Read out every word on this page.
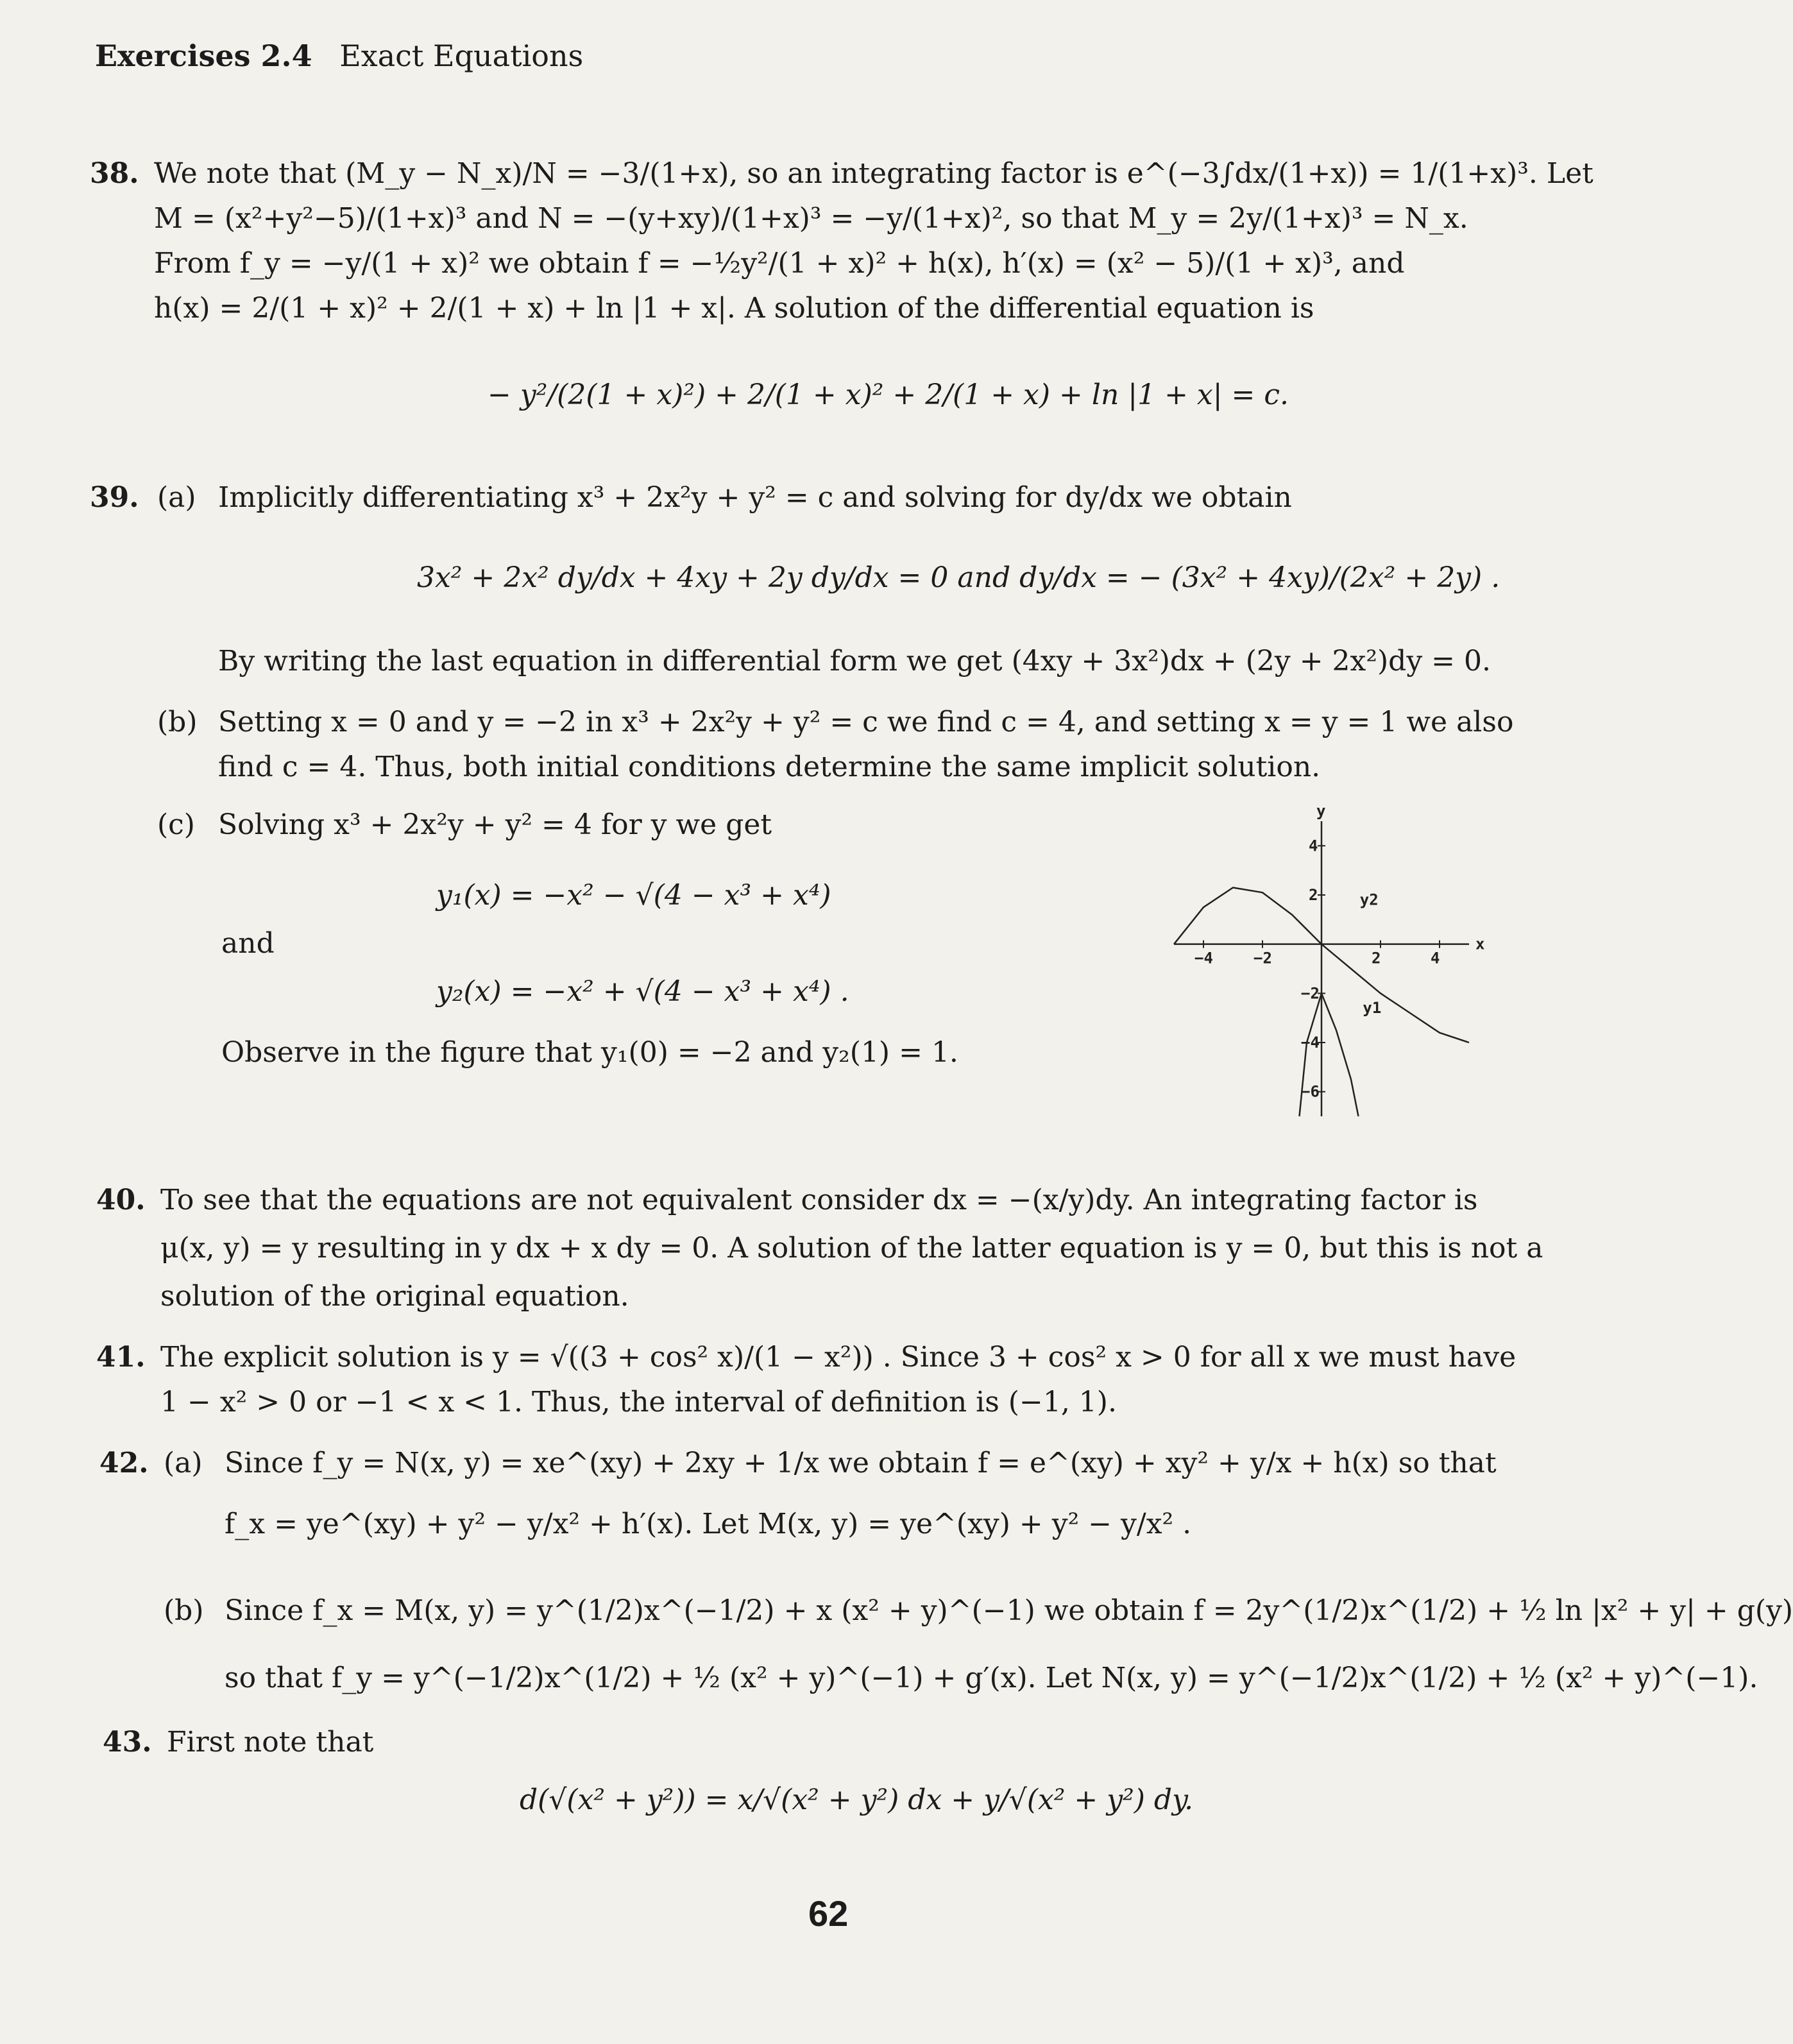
Exercises 2.4 Exact Equations
38. We note that (M_y − N_x)/N = −3/(1+x), so an integrating factor is e^(−3∫dx/(1+x)) = 1/(1+x)³. Let
M = (x²+y²−5)/(1+x)³ and N = −(y+xy)/(1+x)³ = −y/(1+x)², so that M_y = 2y/(1+x)³ = N_x.
From f_y = −y/(1 + x)² we obtain f = −½y²/(1 + x)² + h(x), h′(x) = (x² − 5)/(1 + x)³, and
h(x) = 2/(1 + x)² + 2/(1 + x) + ln |1 + x|. A solution of the differential equation is
− y²/(2(1 + x)²) + 2/(1 + x)² + 2/(1 + x) + ln |1 + x| = c.
39. (a) Implicitly differentiating x³ + 2x²y + y² = c and solving for dy/dx we obtain
3x² + 2x² dy/dx + 4xy + 2y dy/dx = 0 and dy/dx = − (3x² + 4xy)/(2x² + 2y) .
By writing the last equation in differential form we get (4xy + 3x²)dx + (2y + 2x²)dy = 0.
(b) Setting x = 0 and y = −2 in x³ + 2x²y + y² = c we find c = 4, and setting x = y = 1 we also
find c = 4. Thus, both initial conditions determine the same implicit solution.
(c) Solving x³ + 2x²y + y² = 4 for y we get
y₁(x) = −x² − √(4 − x³ + x⁴)
and
y₂(x) = −x² + √(4 − x³ + x⁴) .
Observe in the figure that y₁(0) = −2 and y₂(1) = 1.
x
y
−4	−2	2	4
4
2
−2
−4
−6
y2
y1
40. To see that the equations are not equivalent consider dx = −(x/y)dy. An integrating factor is
μ(x, y) = y resulting in y dx + x dy = 0. A solution of the latter equation is y = 0, but this is not a
solution of the original equation.
41. The explicit solution is y = √((3 + cos² x)/(1 − x²)) . Since 3 + cos² x > 0 for all x we must have
1 − x² > 0 or −1 < x < 1. Thus, the interval of definition is (−1, 1).
42. (a) Since f_y = N(x, y) = xe^(xy) + 2xy + 1/x we obtain f = e^(xy) + xy² + y/x + h(x) so that
f_x = ye^(xy) + y² − y/x² + h′(x). Let M(x, y) = ye^(xy) + y² − y/x² .
(b) Since f_x = M(x, y) = y^(1/2)x^(−1/2) + x (x² + y)^(−1) we obtain f = 2y^(1/2)x^(1/2) + ½ ln |x² + y| + g(y)
so that f_y = y^(−1/2)x^(1/2) + ½ (x² + y)^(−1) + g′(x). Let N(x, y) = y^(−1/2)x^(1/2) + ½ (x² + y)^(−1).
43. First note that
d(√(x² + y²)) = x/√(x² + y²) dx + y/√(x² + y²) dy.
62
